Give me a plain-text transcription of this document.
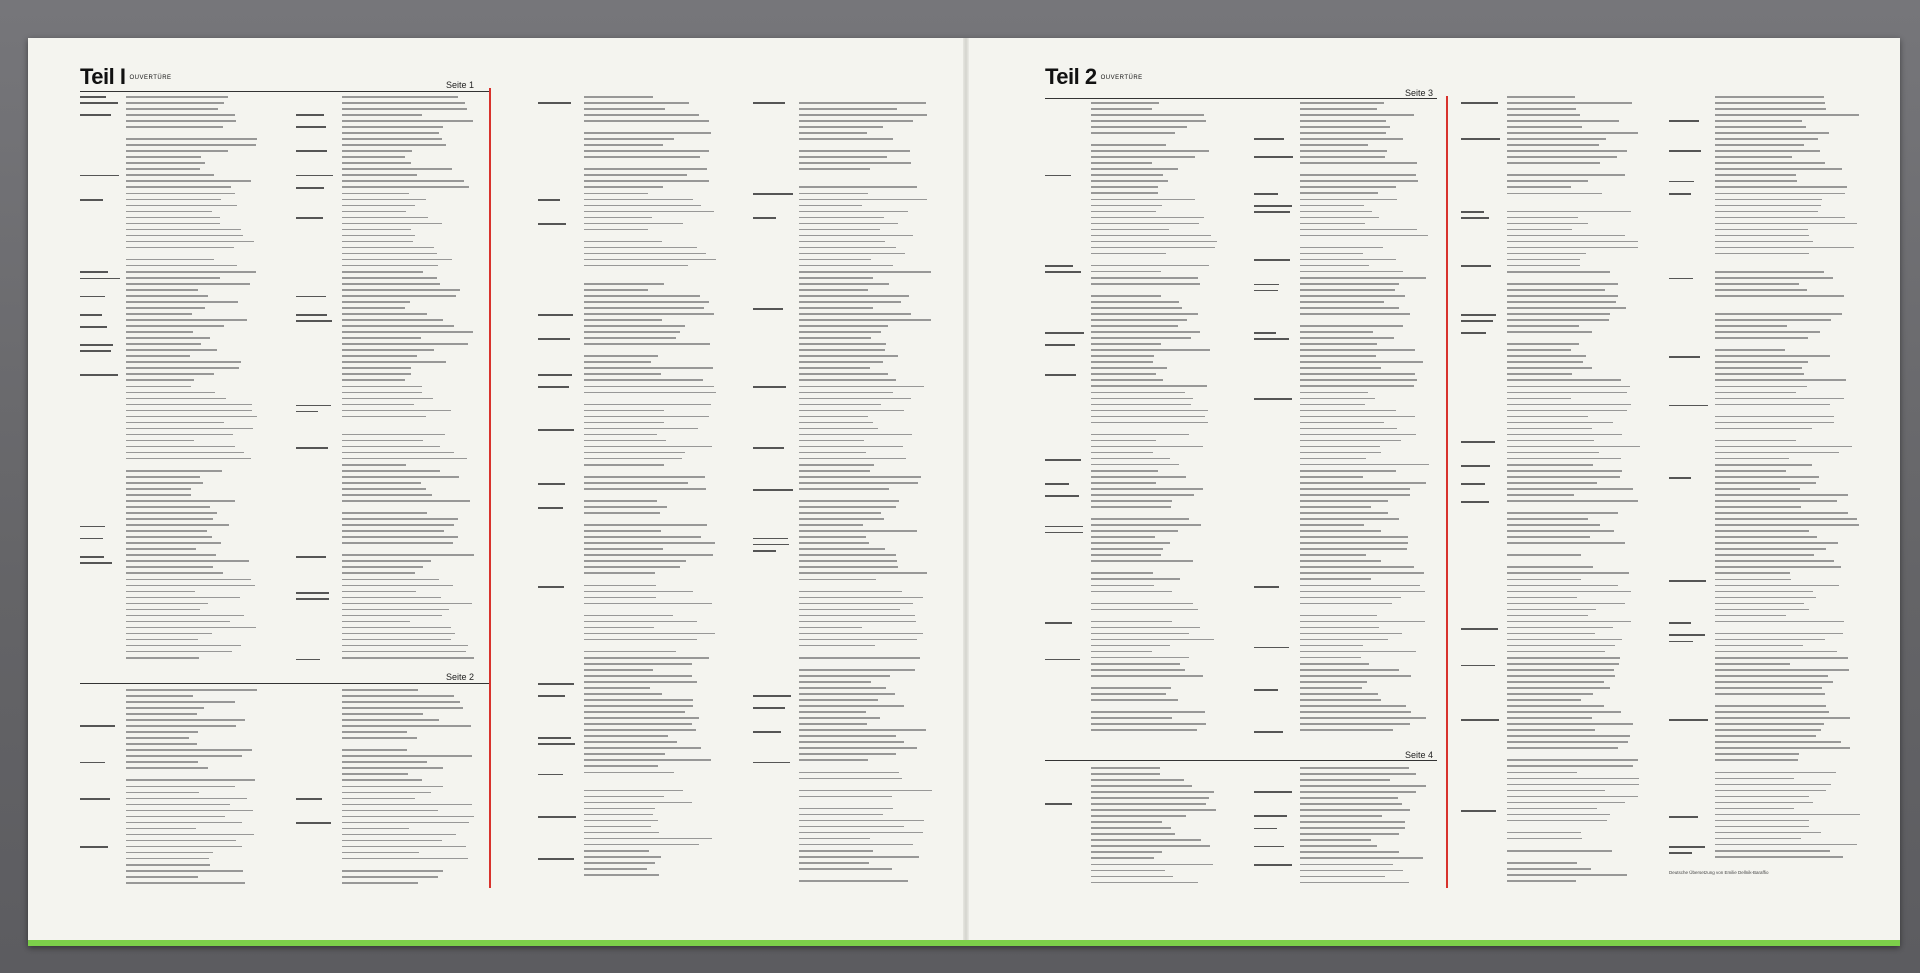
Teil I OUVERTÜRE
Seite 1
Seite 2
Teil 2 OUVERTÜRE
Seite 3
Seite 4
Deutsche Übersetzung von Emilie Dellnik-Baraffio
